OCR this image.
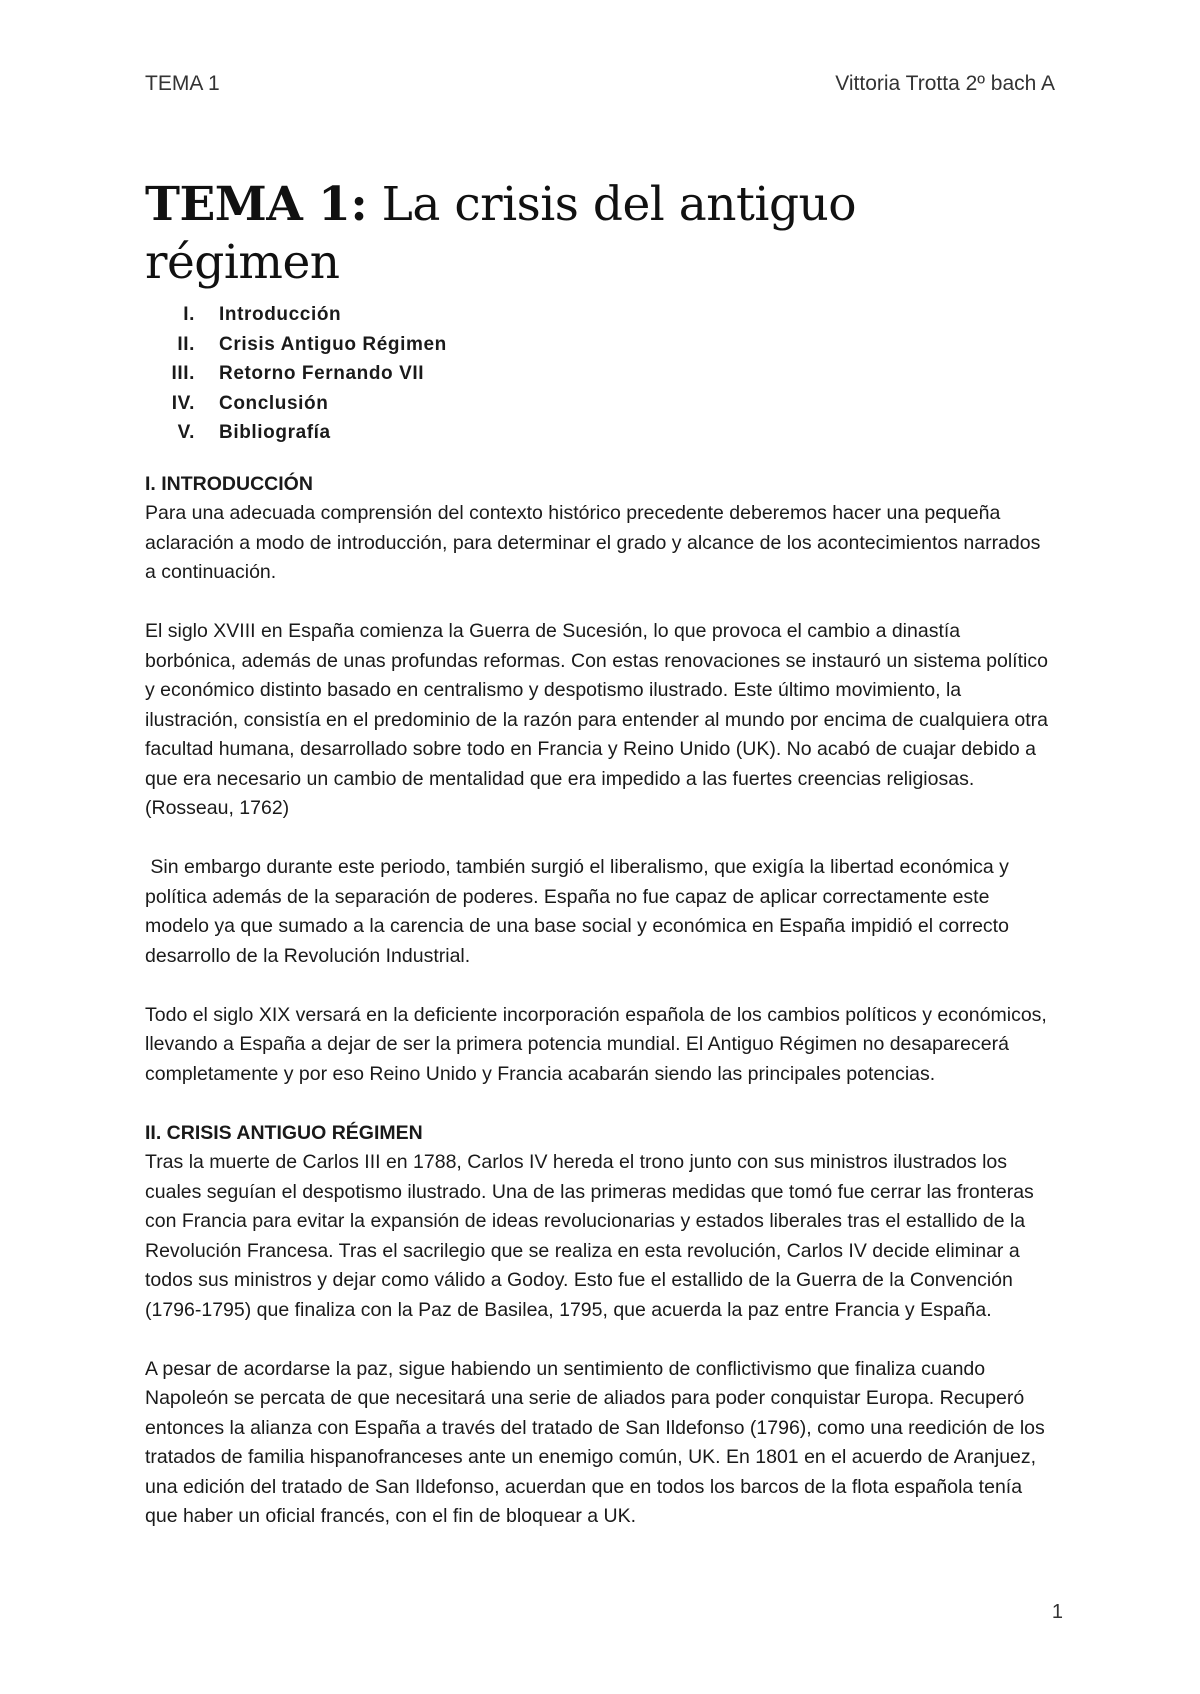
TEMA 1	Vittoria Trotta 2º bach A
TEMA 1: La crisis del antiguo régimen
I.	Introducción
II.	Crisis Antiguo Régimen
III.	Retorno Fernando VII
IV.	Conclusión
V.	Bibliografía
I. INTRODUCCIÓN

Para una adecuada comprensión del contexto histórico precedente deberemos hacer una pequeña aclaración a modo de introducción, para determinar el grado y alcance de los acontecimientos narrados a continuación.

El siglo XVIII en España comienza la Guerra de Sucesión, lo que provoca el cambio a dinastía borbónica, además de unas profundas reformas. Con estas renovaciones se instauró un sistema político y económico distinto basado en centralismo y despotismo ilustrado. Este último movimiento, la ilustración, consistía en el predominio de la razón para entender al mundo por encima de cualquiera otra facultad humana, desarrollado sobre todo en Francia y Reino Unido (UK). No acabó de cuajar debido a que era necesario un cambio de mentalidad que era impedido a las fuertes creencias religiosas. (Rosseau, 1762)

Sin embargo durante este periodo, también surgió el liberalismo, que exigía la libertad económica y política además de la separación de poderes. España no fue capaz de aplicar correctamente este modelo ya que sumado a la carencia de una base social y económica en España impidió el correcto desarrollo de la Revolución Industrial.

Todo el siglo XIX versará en la deficiente incorporación española de los cambios políticos y económicos, llevando a España a dejar de ser la primera potencia mundial. El Antiguo Régimen no desaparecerá completamente y por eso Reino Unido y Francia acabarán siendo las principales potencias.

II. CRISIS ANTIGUO RÉGIMEN

Tras la muerte de Carlos III en 1788, Carlos IV hereda el trono junto con sus ministros ilustrados los cuales seguían el despotismo ilustrado. Una de las primeras medidas que tomó fue cerrar las fronteras con Francia para evitar la expansión de ideas revolucionarias y estados liberales tras el estallido de la Revolución Francesa. Tras el sacrilegio que se realiza en esta revolución, Carlos IV decide eliminar a todos sus ministros y dejar como válido a Godoy. Esto fue el estallido de la Guerra de la Convención (1796-1795) que finaliza con la Paz de Basilea, 1795, que acuerda la paz entre Francia y España.

A pesar de acordarse la paz, sigue habiendo un sentimiento de conflictivismo que finaliza cuando Napoleón se percata de que necesitará una serie de aliados para poder conquistar Europa. Recuperó entonces la alianza con España a través del tratado de San Ildefonso (1796), como una reedición de los tratados de familia hispanofranceses ante un enemigo común, UK. En 1801 en el acuerdo de Aranjuez, una edición del tratado de San Ildefonso, acuerdan que en todos los barcos de la flota española tenía que haber un oficial francés, con el fin de bloquear a UK.

1
